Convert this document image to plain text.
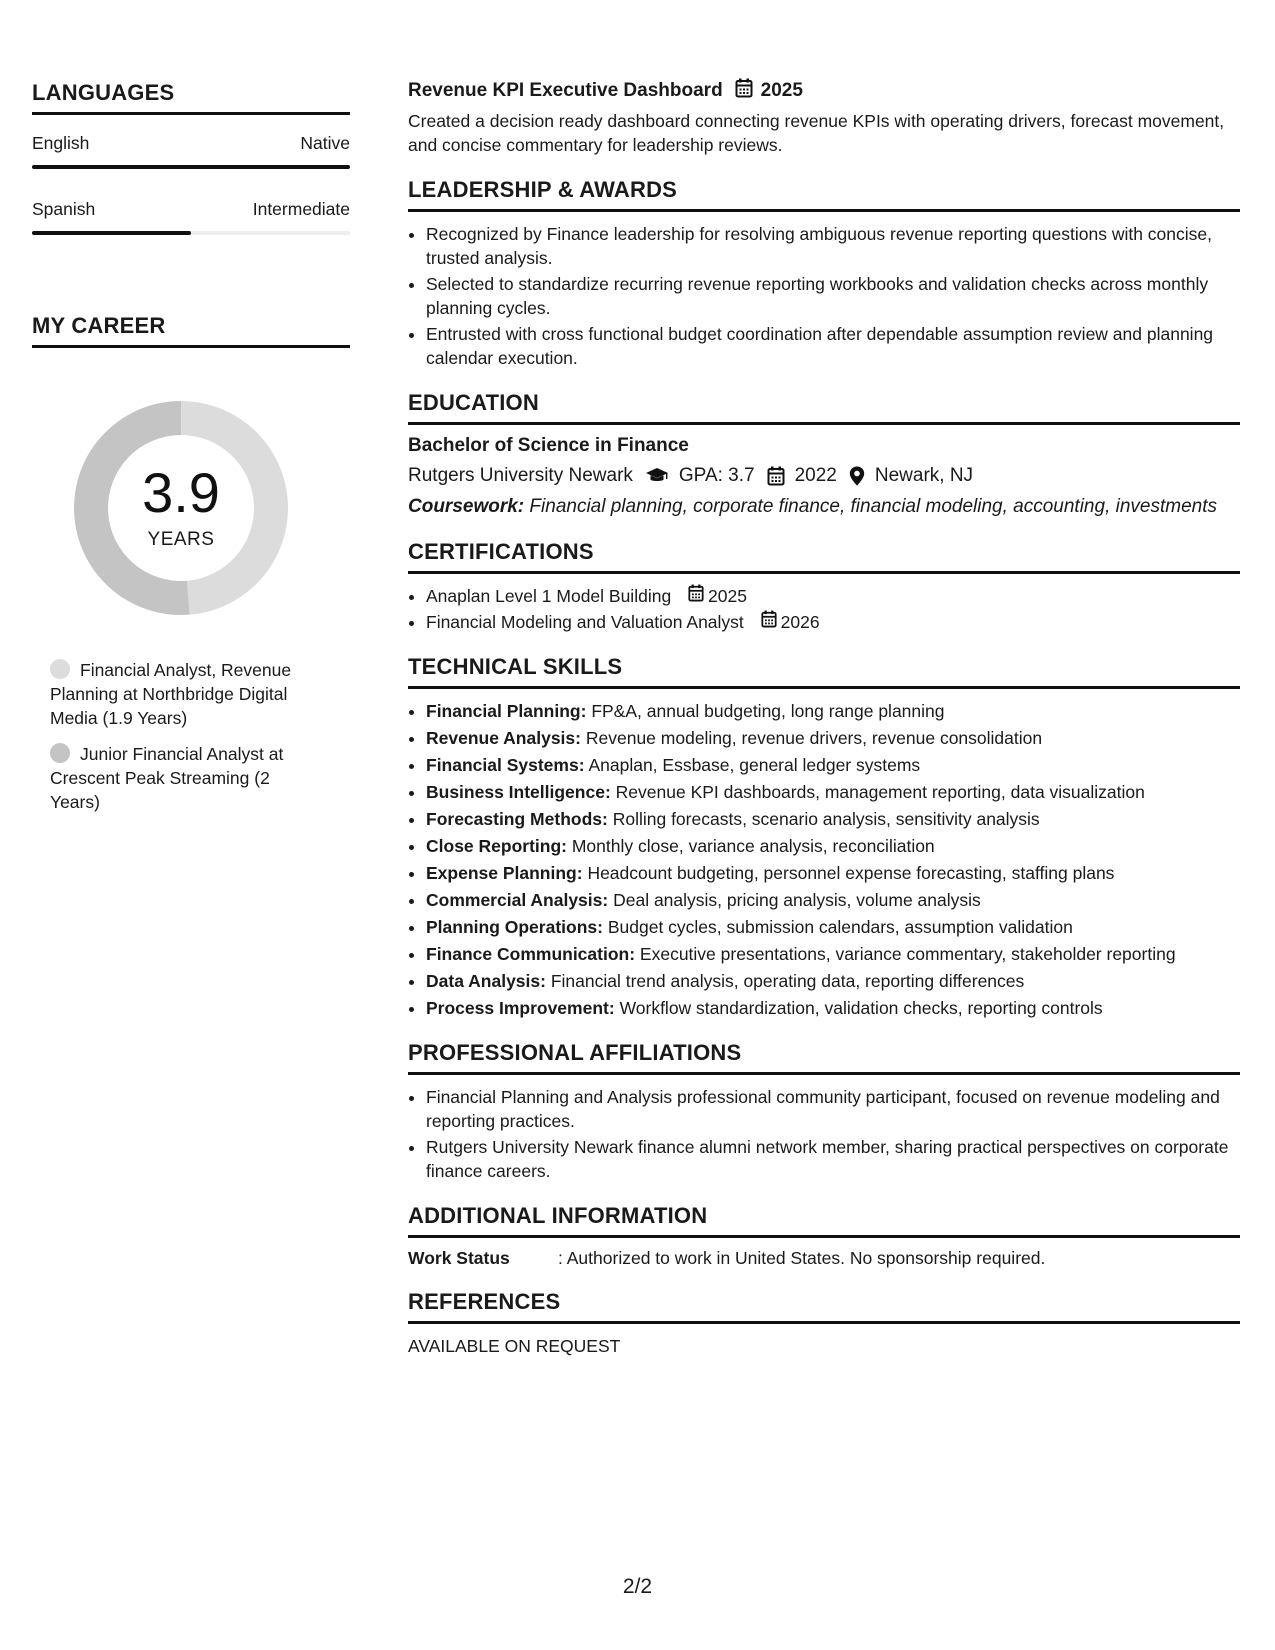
LANGUAGES
English	Native
Spanish	Intermediate
MY CAREER
3.9
YEARS
Financial Analyst, Revenue Planning at Northbridge Digital Media (1.9 Years)
Junior Financial Analyst at Crescent Peak Streaming (2 Years)
Revenue KPI Executive Dashboard 2025
Created a decision ready dashboard connecting revenue KPIs with operating drivers, forecast movement, and concise commentary for leadership reviews.
LEADERSHIP & AWARDS
• Recognized by Finance leadership for resolving ambiguous revenue reporting questions with concise, trusted analysis.
• Selected to standardize recurring revenue reporting workbooks and validation checks across monthly planning cycles.
• Entrusted with cross functional budget coordination after dependable assumption review and planning calendar execution.
EDUCATION
Bachelor of Science in Finance
Rutgers University Newark GPA: 3.7 2022 Newark, NJ
Coursework: Financial planning, corporate finance, financial modeling, accounting, investments
CERTIFICATIONS
• Anaplan Level 1 Model Building 2025
• Financial Modeling and Valuation Analyst 2026
TECHNICAL SKILLS
• Financial Planning: FP&A, annual budgeting, long range planning
• Revenue Analysis: Revenue modeling, revenue drivers, revenue consolidation
• Financial Systems: Anaplan, Essbase, general ledger systems
• Business Intelligence: Revenue KPI dashboards, management reporting, data visualization
• Forecasting Methods: Rolling forecasts, scenario analysis, sensitivity analysis
• Close Reporting: Monthly close, variance analysis, reconciliation
• Expense Planning: Headcount budgeting, personnel expense forecasting, staffing plans
• Commercial Analysis: Deal analysis, pricing analysis, volume analysis
• Planning Operations: Budget cycles, submission calendars, assumption validation
• Finance Communication: Executive presentations, variance commentary, stakeholder reporting
• Data Analysis: Financial trend analysis, operating data, reporting differences
• Process Improvement: Workflow standardization, validation checks, reporting controls
PROFESSIONAL AFFILIATIONS
• Financial Planning and Analysis professional community participant, focused on revenue modeling and reporting practices.
• Rutgers University Newark finance alumni network member, sharing practical perspectives on corporate finance careers.
ADDITIONAL INFORMATION
Work Status	: Authorized to work in United States. No sponsorship required.
REFERENCES
AVAILABLE ON REQUEST
2/2
